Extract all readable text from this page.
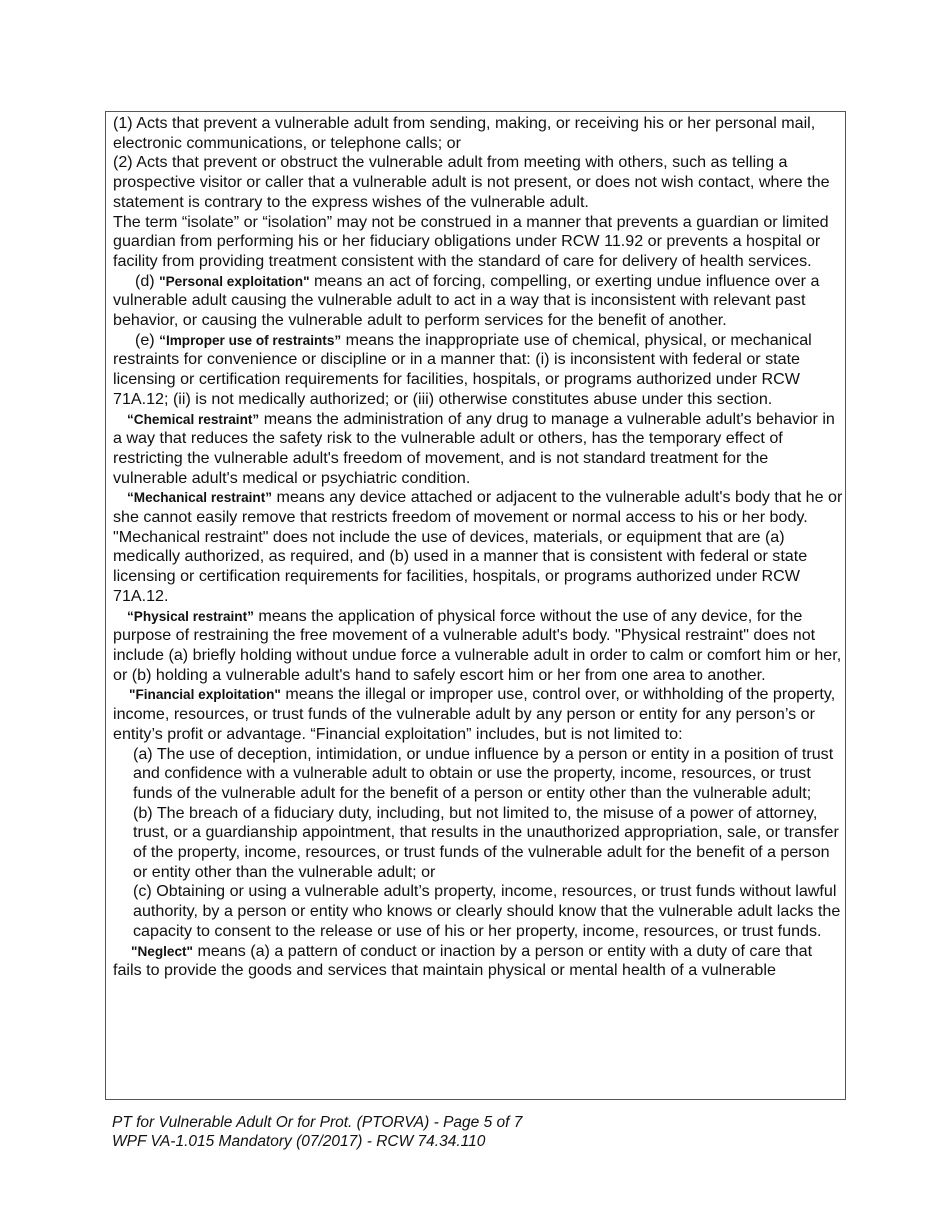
(1) Acts that prevent a vulnerable adult from sending, making, or receiving his or her personal mail, electronic communications, or telephone calls; or

(2) Acts that prevent or obstruct the vulnerable adult from meeting with others, such as telling a prospective visitor or caller that a vulnerable adult is not present, or does not wish contact, where the statement is contrary to the express wishes of the vulnerable adult.

The term “isolate” or “isolation” may not be construed in a manner that prevents a guardian or limited guardian from performing his or her fiduciary obligations under RCW 11.92 or prevents a hospital or facility from providing treatment consistent with the standard of care for delivery of health services.

(d) "Personal exploitation" means an act of forcing, compelling, or exerting undue influence over a vulnerable adult causing the vulnerable adult to act in a way that is inconsistent with relevant past behavior, or causing the vulnerable adult to perform services for the benefit of another.

(e) “Improper use of restraints” means the inappropriate use of chemical, physical, or mechanical restraints for convenience or discipline or in a manner that: (i) is inconsistent with federal or state licensing or certification requirements for facilities, hospitals, or programs authorized under RCW 71A.12; (ii) is not medically authorized; or (iii) otherwise constitutes abuse under this section.

“Chemical restraint” means the administration of any drug to manage a vulnerable adult's behavior in a way that reduces the safety risk to the vulnerable adult or others, has the temporary effect of restricting the vulnerable adult's freedom of movement, and is not standard treatment for the vulnerable adult's medical or psychiatric condition.

“Mechanical restraint” means any device attached or adjacent to the vulnerable adult's body that he or she cannot easily remove that restricts freedom of movement or normal access to his or her body. "Mechanical restraint" does not include the use of devices, materials, or equipment that are (a) medically authorized, as required, and (b) used in a manner that is consistent with federal or state licensing or certification requirements for facilities, hospitals, or programs authorized under RCW 71A.12.

“Physical restraint” means the application of physical force without the use of any device, for the purpose of restraining the free movement of a vulnerable adult's body. "Physical restraint" does not include (a) briefly holding without undue force a vulnerable adult in order to calm or comfort him or her, or (b) holding a vulnerable adult's hand to safely escort him or her from one area to another.

"Financial exploitation" means the illegal or improper use, control over, or withholding of the property, income, resources, or trust funds of the vulnerable adult by any person or entity for any person’s or entity’s profit or advantage. “Financial exploitation” includes, but is not limited to:

(a) The use of deception, intimidation, or undue influence by a person or entity in a position of trust and confidence with a vulnerable adult to obtain or use the property, income, resources, or trust funds of the vulnerable adult for the benefit of a person or entity other than the vulnerable adult;

(b) The breach of a fiduciary duty, including, but not limited to, the misuse of a power of attorney, trust, or a guardianship appointment, that results in the unauthorized appropriation, sale, or transfer of the property, income, resources, or trust funds of the vulnerable adult for the benefit of a person or entity other than the vulnerable adult; or

(c) Obtaining or using a vulnerable adult’s property, income, resources, or trust funds without lawful authority, by a person or entity who knows or clearly should know that the vulnerable adult lacks the capacity to consent to the release or use of his or her property, income, resources, or trust funds.

"Neglect" means (a) a pattern of conduct or inaction by a person or entity with a duty of care that fails to provide the goods and services that maintain physical or mental health of a vulnerable

PT for Vulnerable Adult Or for Prot. (PTORVA) - Page 5 of 7
WPF VA-1.015 Mandatory (07/2017) - RCW 74.34.110
